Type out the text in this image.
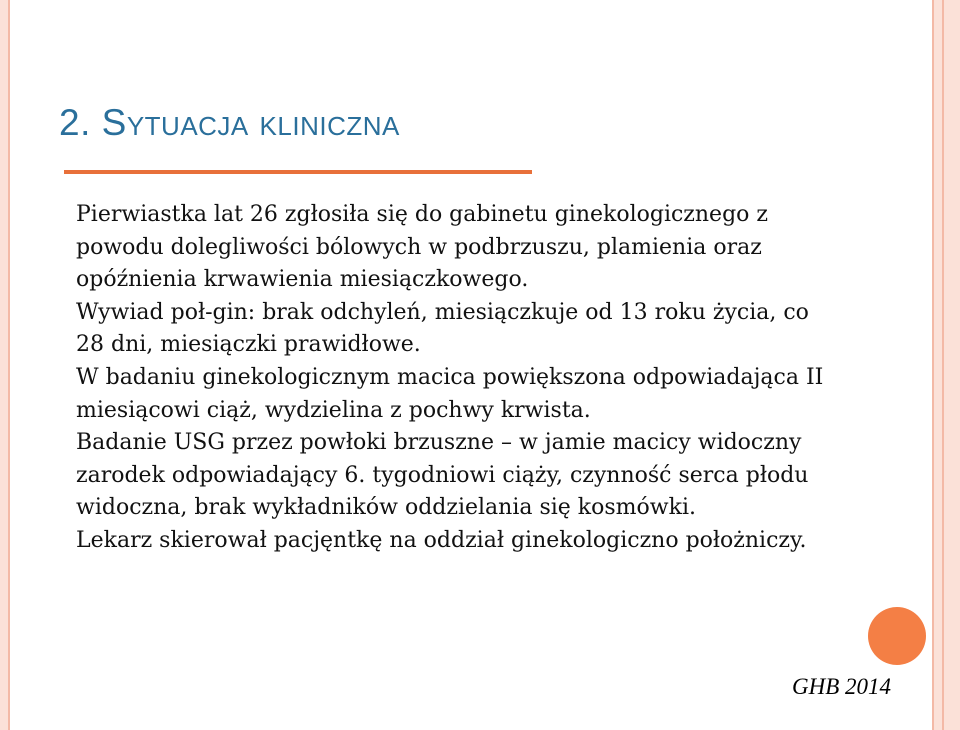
2. Sytuacja kliniczna

Pierwiastka lat 26 zgłosiła się do gabinetu ginekologicznego z powodu dolegliwości bólowych w podbrzuszu, plamienia oraz opóźnienia krwawienia miesiączkowego.

Wywiad poł-gin: brak odchyleń, miesiączkuje od 13 roku życia, co 28 dni, miesiączki prawidłowe.

W badaniu ginekologicznym macica powiększona odpowiadająca II miesiącowi ciąż, wydzielina z pochwy krwista.

Badanie USG przez powłoki brzuszne – w jamie macicy widoczny zarodek odpowiadający 6. tygodniowi ciąży, czynność serca płodu widoczna, brak wykładników oddzielania się kosmówki.

Lekarz skierował pacjęntkę na oddział ginekologiczno położniczy.

GHB 2014
